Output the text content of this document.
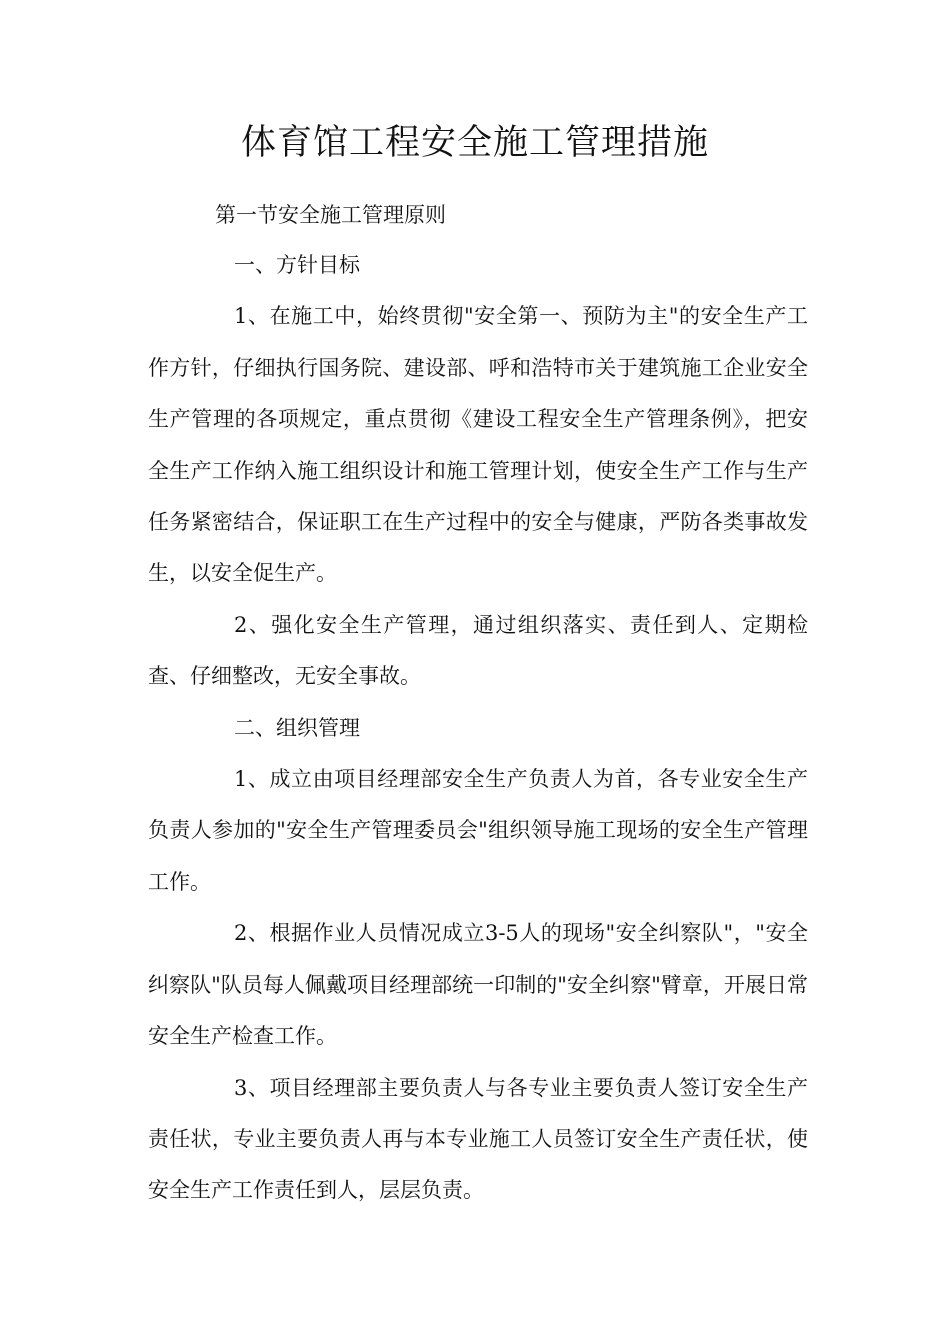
体育馆工程安全施工管理措施
第一节安全施工管理原则

一、方针目标

1、在施工中，始终贯彻"安全第一、预防为主"的安全生产工作方针，仔细执行国务院、建设部、呼和浩特市关于建筑施工企业安全生产管理的各项规定，重点贯彻《建设工程安全生产管理条例》，把安全生产工作纳入施工组织设计和施工管理计划，使安全生产工作与生产任务紧密结合，保证职工在生产过程中的安全与健康，严防各类事故发生，以安全促生产。

2、强化安全生产管理，通过组织落实、责任到人、定期检查、仔细整改，无安全事故。

二、组织管理

1、成立由项目经理部安全生产负责人为首，各专业安全生产负责人参加的"安全生产管理委员会"组织领导施工现场的安全生产管理工作。

2、根据作业人员情况成立3-5人的现场"安全纠察队"，"安全纠察队"队员每人佩戴项目经理部统一印制的"安全纠察"臂章，开展日常安全生产检查工作。

3、项目经理部主要负责人与各专业主要负责人签订安全生产责任状，专业主要负责人再与本专业施工人员签订安全生产责任状，使安全生产工作责任到人，层层负责。
